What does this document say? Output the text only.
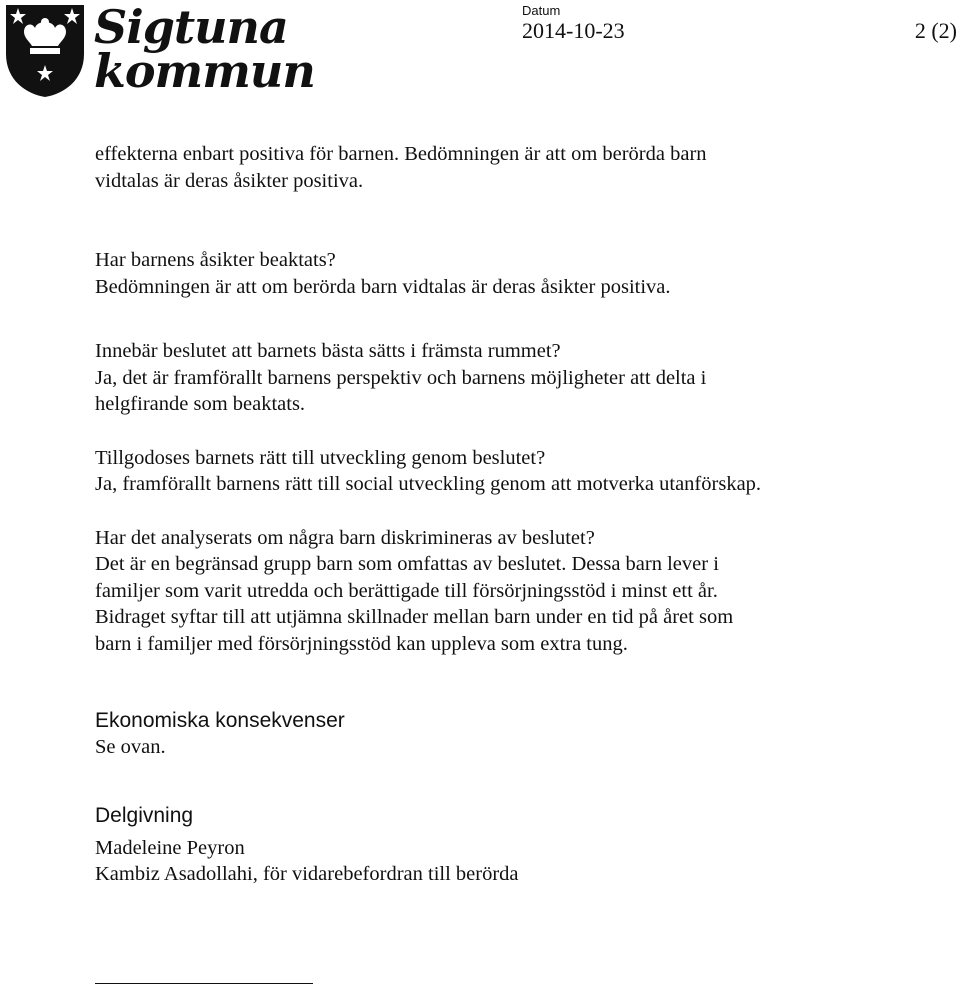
Sigtuna
kommun
Datum
2014-10-23	2 (2)

effekterna enbart positiva för barnen. Bedömningen är att om berörda barn

vidtalas är deras åsikter positiva.

Har barnens åsikter beaktats?

Bedömningen är att om berörda barn vidtalas är deras åsikter positiva.

Innebär beslutet att barnets bästa sätts i främsta rummet?

Ja, det är framförallt barnens perspektiv och barnens möjligheter att delta i

helgfirande som beaktats.

Tillgodoses barnets rätt till utveckling genom beslutet?

Ja, framförallt barnens rätt till social utveckling genom att motverka utanförskap.

Har det analyserats om några barn diskrimineras av beslutet?

Det är en begränsad grupp barn som omfattas av beslutet. Dessa barn lever i

familjer som varit utredda och berättigade till försörjningsstöd i minst ett år.

Bidraget syftar till att utjämna skillnader mellan barn under en tid på året som

barn i familjer med försörjningsstöd kan uppleva som extra tung.

Ekonomiska konsekvenser

Se ovan.

Delgivning

Madeleine Peyron

Kambiz Asadollahi, för vidarebefordran till berörda
